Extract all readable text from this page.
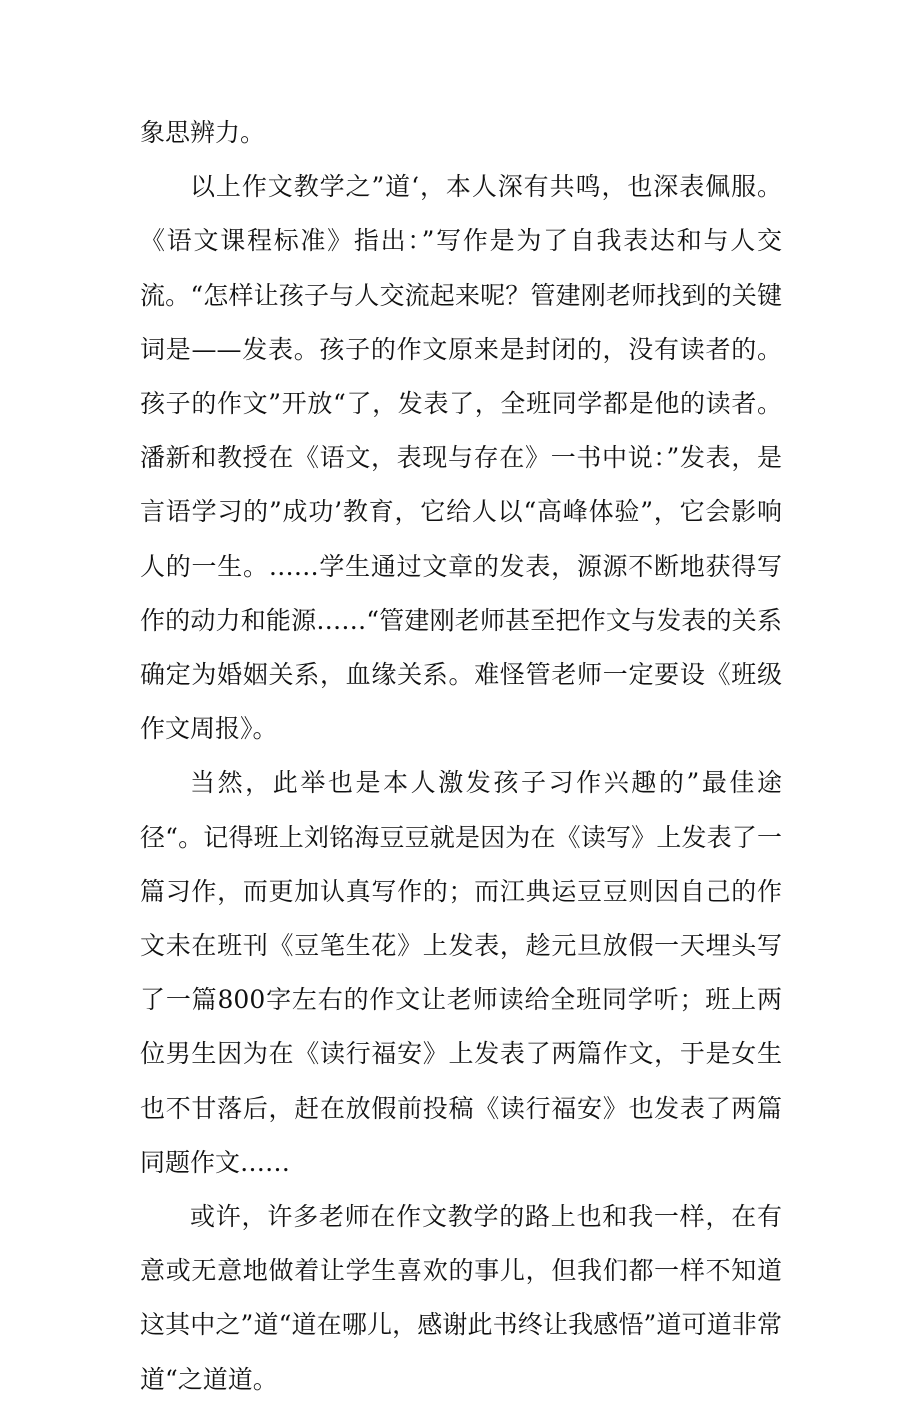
象思辨力。

以上作文教学之”道‘，本人深有共鸣，也深表佩服。《语文课程标准》指出：”写作是为了自我表达和与人交流。“怎样让孩子与人交流起来呢？管建刚老师找到的关键词是——发表。孩子的作文原来是封闭的，没有读者的。孩子的作文”开放“了，发表了，全班同学都是他的读者。潘新和教授在《语文，表现与存在》一书中说：”发表，是言语学习的”成功’教育，它给人以“高峰体验”，它会影响人的一生。……学生通过文章的发表，源源不断地获得写作的动力和能源……“管建刚老师甚至把作文与发表的关系确定为婚姻关系，血缘关系。难怪管老师一定要设《班级作文周报》。

当然，此举也是本人激发孩子习作兴趣的”最佳途径“。记得班上刘铭海豆豆就是因为在《读写》上发表了一篇习作，而更加认真写作的；而江典运豆豆则因自己的作文未在班刊《豆笔生花》上发表，趁元旦放假一天埋头写了一篇800字左右的作文让老师读给全班同学听；班上两位男生因为在《读行福安》上发表了两篇作文，于是女生也不甘落后，赶在放假前投稿《读行福安》也发表了两篇同题作文……

或许，许多老师在作文教学的路上也和我一样，在有意或无意地做着让学生喜欢的事儿，但我们都一样不知道这其中之”道“道在哪儿，感谢此书终让我感悟”道可道非常道“之道道。
